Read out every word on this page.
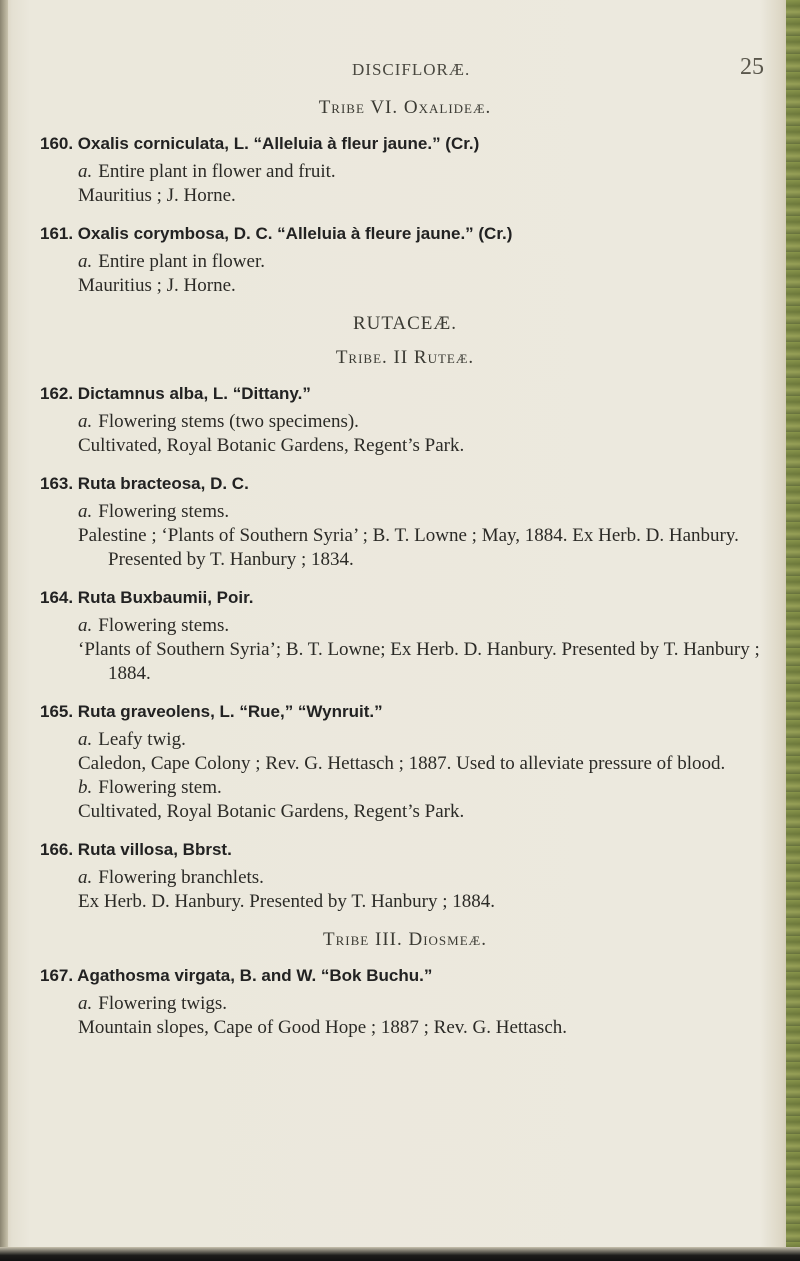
DISCIFLORÆ.	25
Tribe VI. Oxalideæ.
160. Oxalis corniculata, L. “Alleluia à fleur jaune.” (Cr.)
a. Entire plant in flower and fruit.
Mauritius ; J. Horne.
161. Oxalis corymbosa, D. C. “Alleluia à fleure jaune.” (Cr.)
a. Entire plant in flower.
Mauritius ; J. Horne.
RUTACEÆ.
Tribe. II Ruteæ.
162. Dictamnus alba, L. “Dittany.”
a. Flowering stems (two specimens).
Cultivated, Royal Botanic Gardens, Regent’s Park.
163. Ruta bracteosa, D. C.
a. Flowering stems.
Palestine ; ‘Plants of Southern Syria’ ; B. T. Lowne ; May, 1884. Ex Herb. D. Hanbury. Presented by T. Hanbury ; 1834.
164. Ruta Buxbaumii, Poir.
a. Flowering stems.
‘Plants of Southern Syria’; B. T. Lowne; Ex Herb. D. Hanbury. Presented by T. Hanbury ; 1884.
165. Ruta graveolens, L. “Rue,” “Wynruit.”
a. Leafy twig.
Caledon, Cape Colony ; Rev. G. Hettasch ; 1887. Used to alleviate pressure of blood.
b. Flowering stem.
Cultivated, Royal Botanic Gardens, Regent’s Park.
166. Ruta villosa, Bbrst.
a. Flowering branchlets.
Ex Herb. D. Hanbury. Presented by T. Hanbury ; 1884.
Tribe III. Diosmeæ.
167. Agathosma virgata, B. and W. “Bok Buchu.”
a. Flowering twigs.
Mountain slopes, Cape of Good Hope ; 1887 ; Rev. G. Hettasch.
